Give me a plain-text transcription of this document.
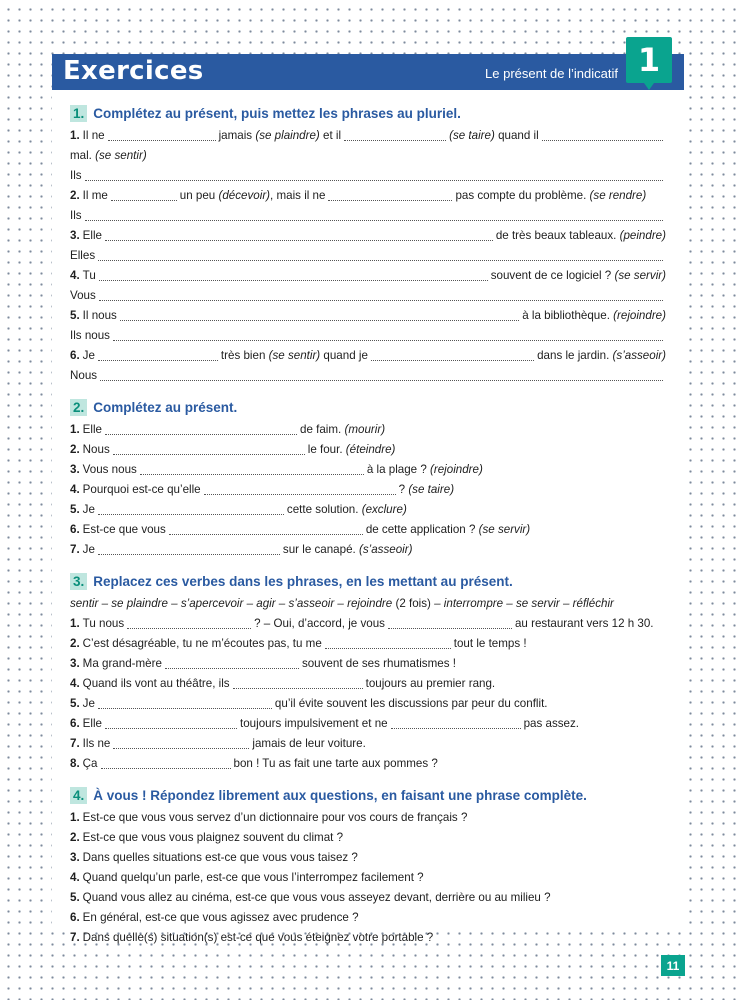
Exercices	Le présent de l’indicatif 1
1. Complétez au présent, puis mettez les phrases au pluriel.
1. Il ne	jamais
(se plaindre)
et il	(se taire)
quand il
mal.
(se sentir)
Ils
2. Il me	un peu
(décevoir) , mais il ne	pas compte du problème.
(se rendre)
Ils
3. Elle	de très beaux tableaux.
(peindre)
Elles
4. Tu	souvent de ce logiciel ?
(se servir)
Vous
5. Il nous	à la bibliothèque.
(rejoindre)
Ils nous
6. Je	très bien
(se sentir)
quand je	dans le jardin.
(s’asseoir)
Nous
2. Complétez au présent.
1. Elle	de faim.
(mourir)
2. Nous	le four.
(éteindre)
3. Vous nous	à la plage ?
(rejoindre)
4. Pourquoi est-ce qu’elle	?
(se taire)
5. Je	cette solution.
(exclure)
6. Est-ce que vous	de cette application ?
(se servir)
7. Je	sur le canapé.
(s’asseoir)
3. Replacez ces verbes dans les phrases, en les mettant au présent.
sentir – se plaindre – s’apercevoir – agir – s’asseoir – rejoindre (2 fois) – interrompre – se servir – réfléchir
1. Tu nous	? – Oui, d’accord, je vous	au restaurant vers 12 h 30.
2. C’est désagréable, tu ne m’écoutes pas, tu me	tout le temps !
3. Ma grand-mère	souvent de ses rhumatismes !
4. Quand ils vont au théâtre, ils	toujours au premier rang.
5. Je	qu’il évite souvent les discussions par peur du conflit.
6. Elle	toujours impulsivement et ne	pas assez.
7. Ils ne	jamais de leur voiture.
8. Ça	bon ! Tu as fait une tarte aux pommes ?
4. À vous ! Répondez librement aux questions, en faisant une phrase complète.
1. Est-ce que vous vous servez d’un dictionnaire pour vos cours de français ?
2. Est-ce que vous vous plaignez souvent du climat ?
3. Dans quelles situations est-ce que vous vous taisez ?
4. Quand quelqu’un parle, est-ce que vous l’interrompez facilement ?
5. Quand vous allez au cinéma, est-ce que vous vous asseyez devant, derrière ou au milieu ?
6. En général, est-ce que vous agissez avec prudence ?
7. Dans quelle(s) situation(s) est-ce que vous éteignez votre portable ?
11
